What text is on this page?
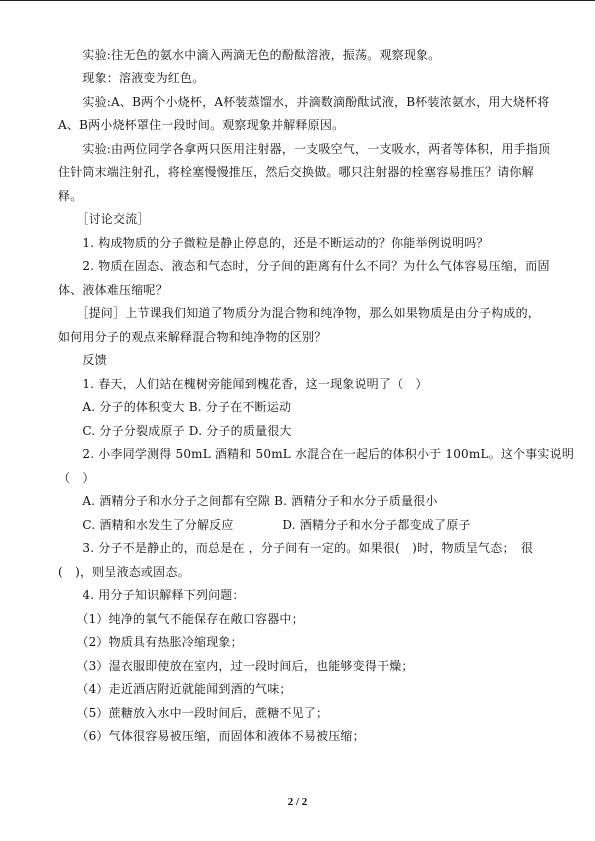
　　实验:往无色的氨水中滴入两滴无色的酚酞溶液，振荡。观察现象。
　　现象：溶液变为红色。
　　实验:A、B两个小烧杯，A杯装蒸馏水，并滴数滴酚酞试液，B杯装浓氨水，用大烧杯将
A、B两小烧杯罩住一段时间。观察现象并解释原因。
　　实验:由两位同学各拿两只医用注射器，一支吸空气，一支吸水，两者等体积，用手指顶
住针筒末端注射孔，将栓塞慢慢推压，然后交换做。哪只注射器的栓塞容易推压？请你解
释。
　　［讨论交流］
　　1. 构成物质的分子微粒是静止停息的，还是不断运动的？你能举例说明吗？
　　2. 物质在固态、液态和气态时，分子间的距离有什么不同？为什么气体容易压缩，而固
体、液体难压缩呢？
　　［提问］上节课我们知道了物质分为混合物和纯净物，那么如果物质是由分子构成的，
如何用分子的观点来解释混合物和纯净物的区别？
　　反馈
　　1. 春天，人们站在槐树旁能闻到槐花香，这一现象说明了（　）
　　A. 分子的体积变大 B. 分子在不断运动
　　C. 分子分裂成原子 D. 分子的质量很大
　　2. 小李同学测得 50mL 酒精和 50mL 水混合在一起后的体积小于 100mL。这个事实说明
（　）
　　A. 酒精分子和水分子之间都有空隙 B. 酒精分子和水分子质量很小
　　C. 酒精和水发生了分解反应　　　　D. 酒精分子和水分子都变成了原子
　　3. 分子不是静止的，而总是在 ，分子间有一定的。如果很(　)时，物质呈气态；　很
(　)，则呈液态或固态。
　　4. 用分子知识解释下列问题：
　　（1）纯净的氧气不能保存在敞口容器中；
　　（2）物质具有热胀冷缩现象；
　　（3）湿衣服即使放在室内，过一段时间后，也能够变得干燥；
　　（4）走近酒店附近就能闻到酒的气味；
　　（5）蔗糖放入水中一段时间后，蔗糖不见了；
　　（6）气体很容易被压缩，而固体和液体不易被压缩；
2 / 2
